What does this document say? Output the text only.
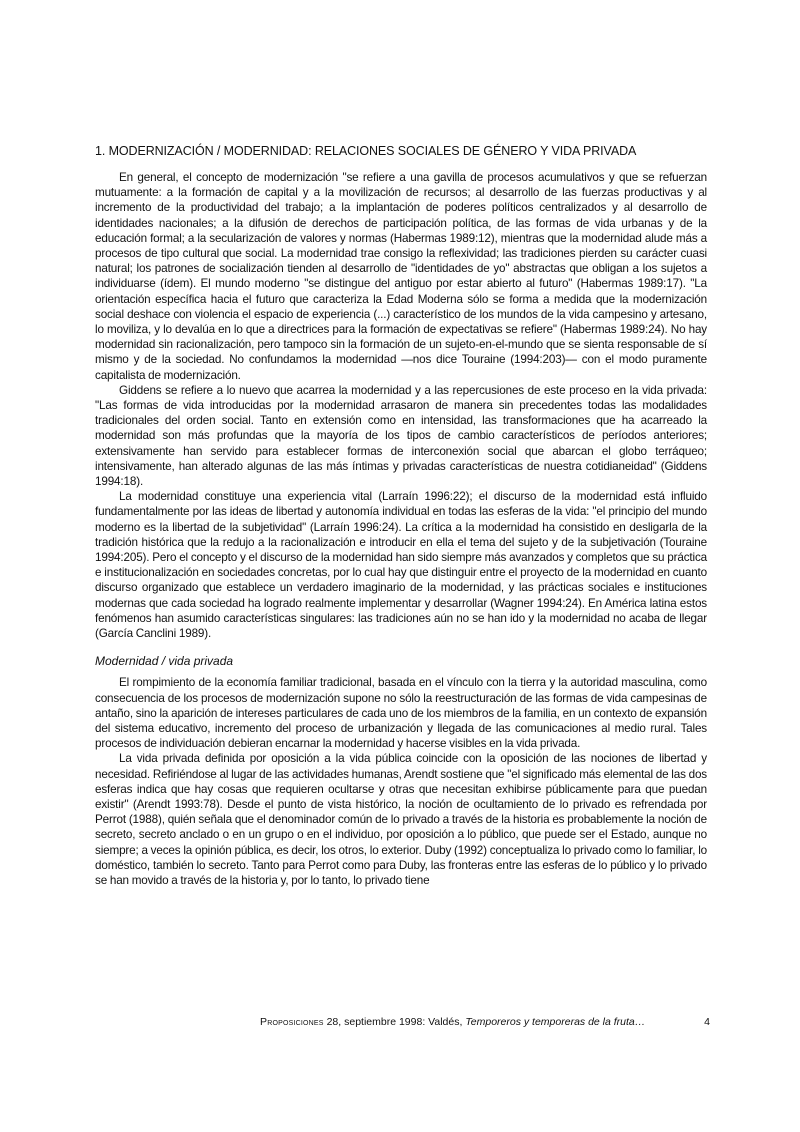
1. MODERNIZACIÓN / MODERNIDAD: RELACIONES SOCIALES DE GÉNERO Y VIDA PRIVADA

En general, el concepto de modernización "se refiere a una gavilla de procesos acumulativos y que se refuerzan mutuamente: a la formación de capital y a la movilización de recursos; al desarrollo de las fuerzas productivas y al incremento de la productividad del trabajo; a la implantación de poderes políticos centralizados y al desarrollo de identidades nacionales; a la difusión de derechos de participación política, de las formas de vida urbanas y de la educación formal; a la secularización de valores y normas (Habermas 1989:12), mientras que la modernidad alude más a procesos de tipo cultural que social. La modernidad trae consigo la reflexividad; las tradiciones pierden su carácter cuasi natural; los patrones de socialización tienden al desarrollo de "identidades de yo" abstractas que obligan a los sujetos a individuarse (ídem). El mundo moderno "se distingue del antiguo por estar abierto al futuro" (Habermas 1989:17). "La orientación específica hacia el futuro que caracteriza la Edad Moderna sólo se forma a medida que la modernización social deshace con violencia el espacio de experiencia (...) característico de los mundos de la vida campesino y artesano, lo moviliza, y lo devalúa en lo que a directrices para la formación de expectativas se refiere" (Habermas 1989:24). No hay modernidad sin racionalización, pero tampoco sin la formación de un sujeto-en-el-mundo que se sienta responsable de sí mismo y de la sociedad. No confundamos la modernidad —nos dice Touraine (1994:203)— con el modo puramente capitalista de modernización.

Giddens se refiere a lo nuevo que acarrea la modernidad y a las repercusiones de este proceso en la vida privada: "Las formas de vida introducidas por la modernidad arrasaron de manera sin precedentes todas las modalidades tradicionales del orden social. Tanto en extensión como en intensidad, las transformaciones que ha acarreado la modernidad son más profundas que la mayoría de los tipos de cambio característicos de períodos anteriores; extensivamente han servido para establecer formas de interconexión social que abarcan el globo terráqueo; intensivamente, han alterado algunas de las más íntimas y privadas características de nuestra cotidianeidad" (Giddens 1994:18).

La modernidad constituye una experiencia vital (Larraín 1996:22); el discurso de la modernidad está influido fundamentalmente por las ideas de libertad y autonomía individual en todas las esferas de la vida: "el principio del mundo moderno es la libertad de la subjetividad" (Larraín 1996:24). La crítica a la modernidad ha consistido en desligarla de la tradición histórica que la redujo a la racionalización e introducir en ella el tema del sujeto y de la subjetivación (Touraine 1994:205). Pero el concepto y el discurso de la modernidad han sido siempre más avanzados y completos que su práctica e institucionalización en sociedades concretas, por lo cual hay que distinguir entre el proyecto de la modernidad en cuanto discurso organizado que establece un verdadero imaginario de la modernidad, y las prácticas sociales e instituciones modernas que cada sociedad ha logrado realmente implementar y desarrollar (Wagner 1994:24). En América latina estos fenómenos han asumido características singulares: las tradiciones aún no se han ido y la modernidad no acaba de llegar (García Canclini 1989).

Modernidad / vida privada

El rompimiento de la economía familiar tradicional, basada en el vínculo con la tierra y la autoridad masculina, como consecuencia de los procesos de modernización supone no sólo la reestructuración de las formas de vida campesinas de antaño, sino la aparición de intereses particulares de cada uno de los miembros de la familia, en un contexto de expansión del sistema educativo, incremento del proceso de urbanización y llegada de las comunicaciones al medio rural. Tales procesos de individuación debieran encarnar la modernidad y hacerse visibles en la vida privada.

La vida privada definida por oposición a la vida pública coincide con la oposición de las nociones de libertad y necesidad. Refiriéndose al lugar de las actividades humanas, Arendt sostiene que "el significado más elemental de las dos esferas indica que hay cosas que requieren ocultarse y otras que necesitan exhibirse públicamente para que puedan existir" (Arendt 1993:78). Desde el punto de vista histórico, la noción de ocultamiento de lo privado es refrendada por Perrot (1988), quién señala que el denominador común de lo privado a través de la historia es probablemente la noción de secreto, secreto anclado o en un grupo o en el individuo, por oposición a lo público, que puede ser el Estado, aunque no siempre; a veces la opinión pública, es decir, los otros, lo exterior. Duby (1992) conceptualiza lo privado como lo familiar, lo doméstico, también lo secreto. Tanto para Perrot como para Duby, las fronteras entre las esferas de lo público y lo privado se han movido a través de la historia y, por lo tanto, lo privado tiene

Proposiciones 28, septiembre 1998: Valdés, Temporeros y temporeras de la fruta…	4
